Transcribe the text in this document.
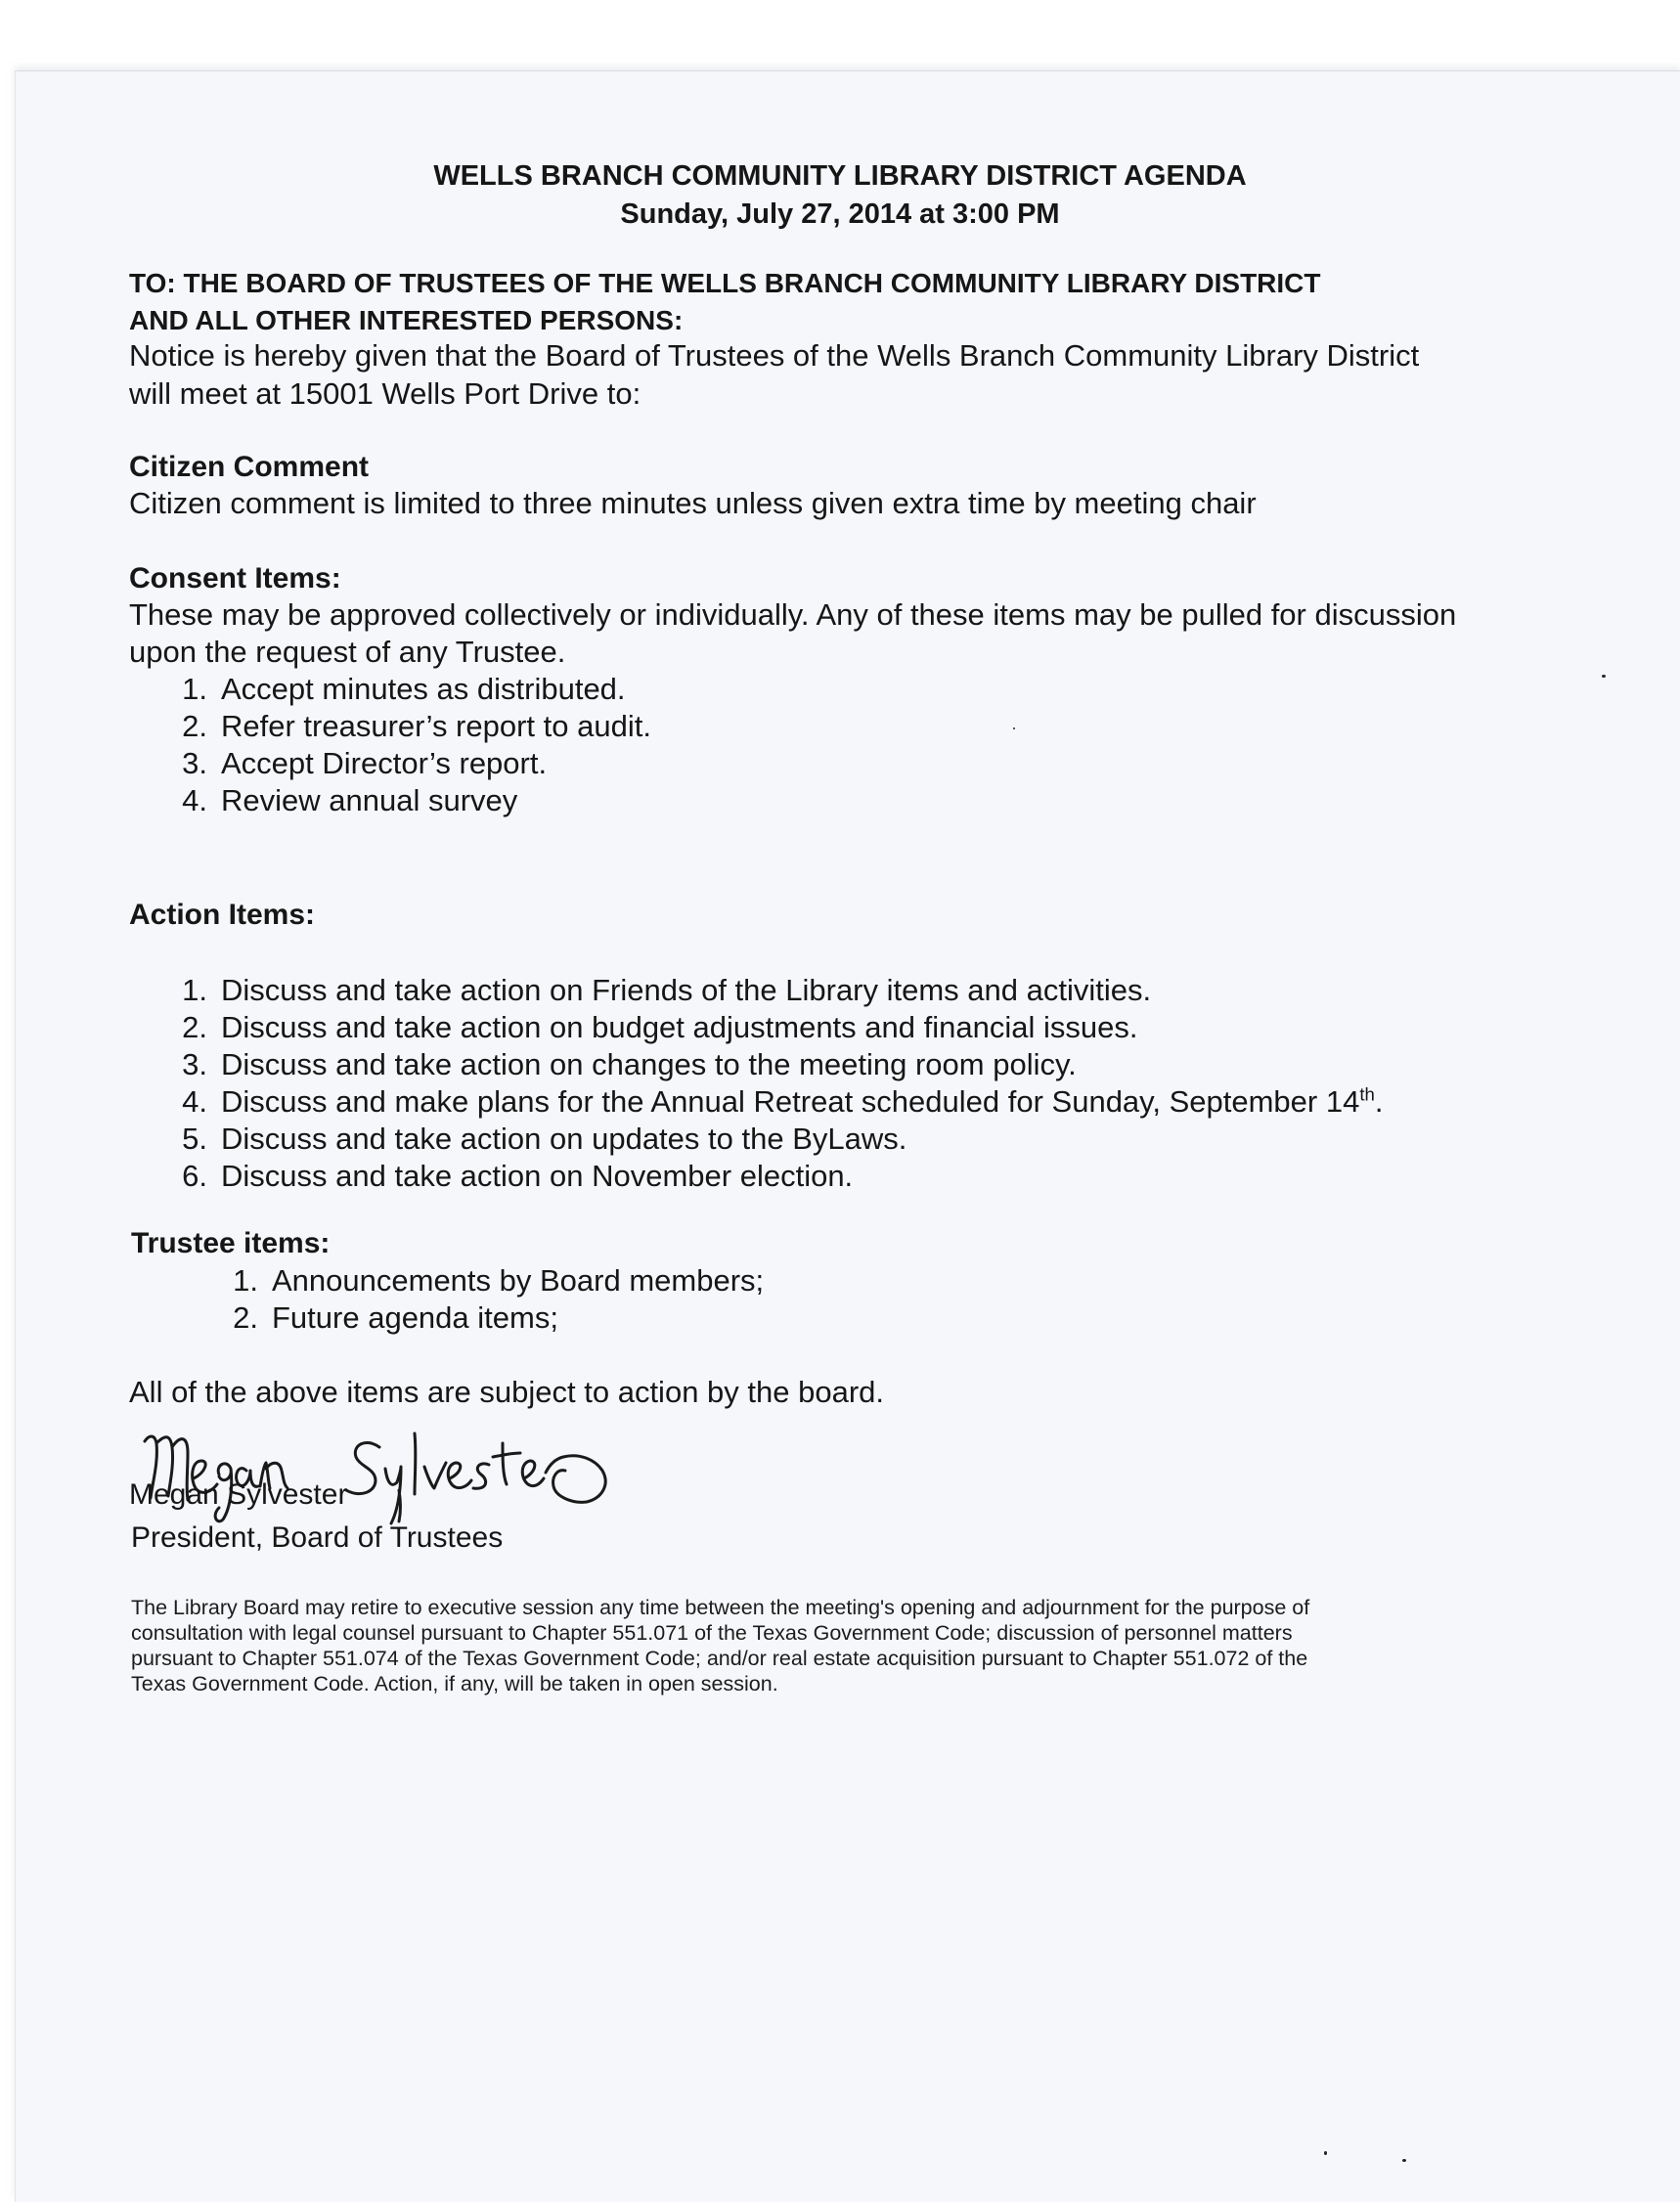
WELLS BRANCH COMMUNITY LIBRARY DISTRICT AGENDA
Sunday, July 27, 2014 at 3:00 PM
TO: THE BOARD OF TRUSTEES OF THE WELLS BRANCH COMMUNITY LIBRARY DISTRICT
AND ALL OTHER INTERESTED PERSONS:
Notice is hereby given that the Board of Trustees of the Wells Branch Community Library District
will meet at 15001 Wells Port Drive to:
Citizen Comment
Citizen comment is limited to three minutes unless given extra time by meeting chair
Consent Items:
These may be approved collectively or individually. Any of these items may be pulled for discussion
upon the request of any Trustee.
1. Accept minutes as distributed.
2. Refer treasurer’s report to audit.
3. Accept Director’s report.
4. Review annual survey
Action Items:
1. Discuss and take action on Friends of the Library items and activities.
2. Discuss and take action on budget adjustments and financial issues.
3. Discuss and take action on changes to the meeting room policy.
4. Discuss and make plans for the Annual Retreat scheduled for Sunday, September 14th.
5. Discuss and take action on updates to the ByLaws.
6. Discuss and take action on November election.
Trustee items:
1. Announcements by Board members;
2. Future agenda items;
All of the above items are subject to action by the board.
Megan Sylvester
President, Board of Trustees
The Library Board may retire to executive session any time between the meeting's opening and adjournment for the purpose of
consultation with legal counsel pursuant to Chapter 551.071 of the Texas Government Code; discussion of personnel matters
pursuant to Chapter 551.074 of the Texas Government Code; and/or real estate acquisition pursuant to Chapter 551.072 of the
Texas Government Code. Action, if any, will be taken in open session.
